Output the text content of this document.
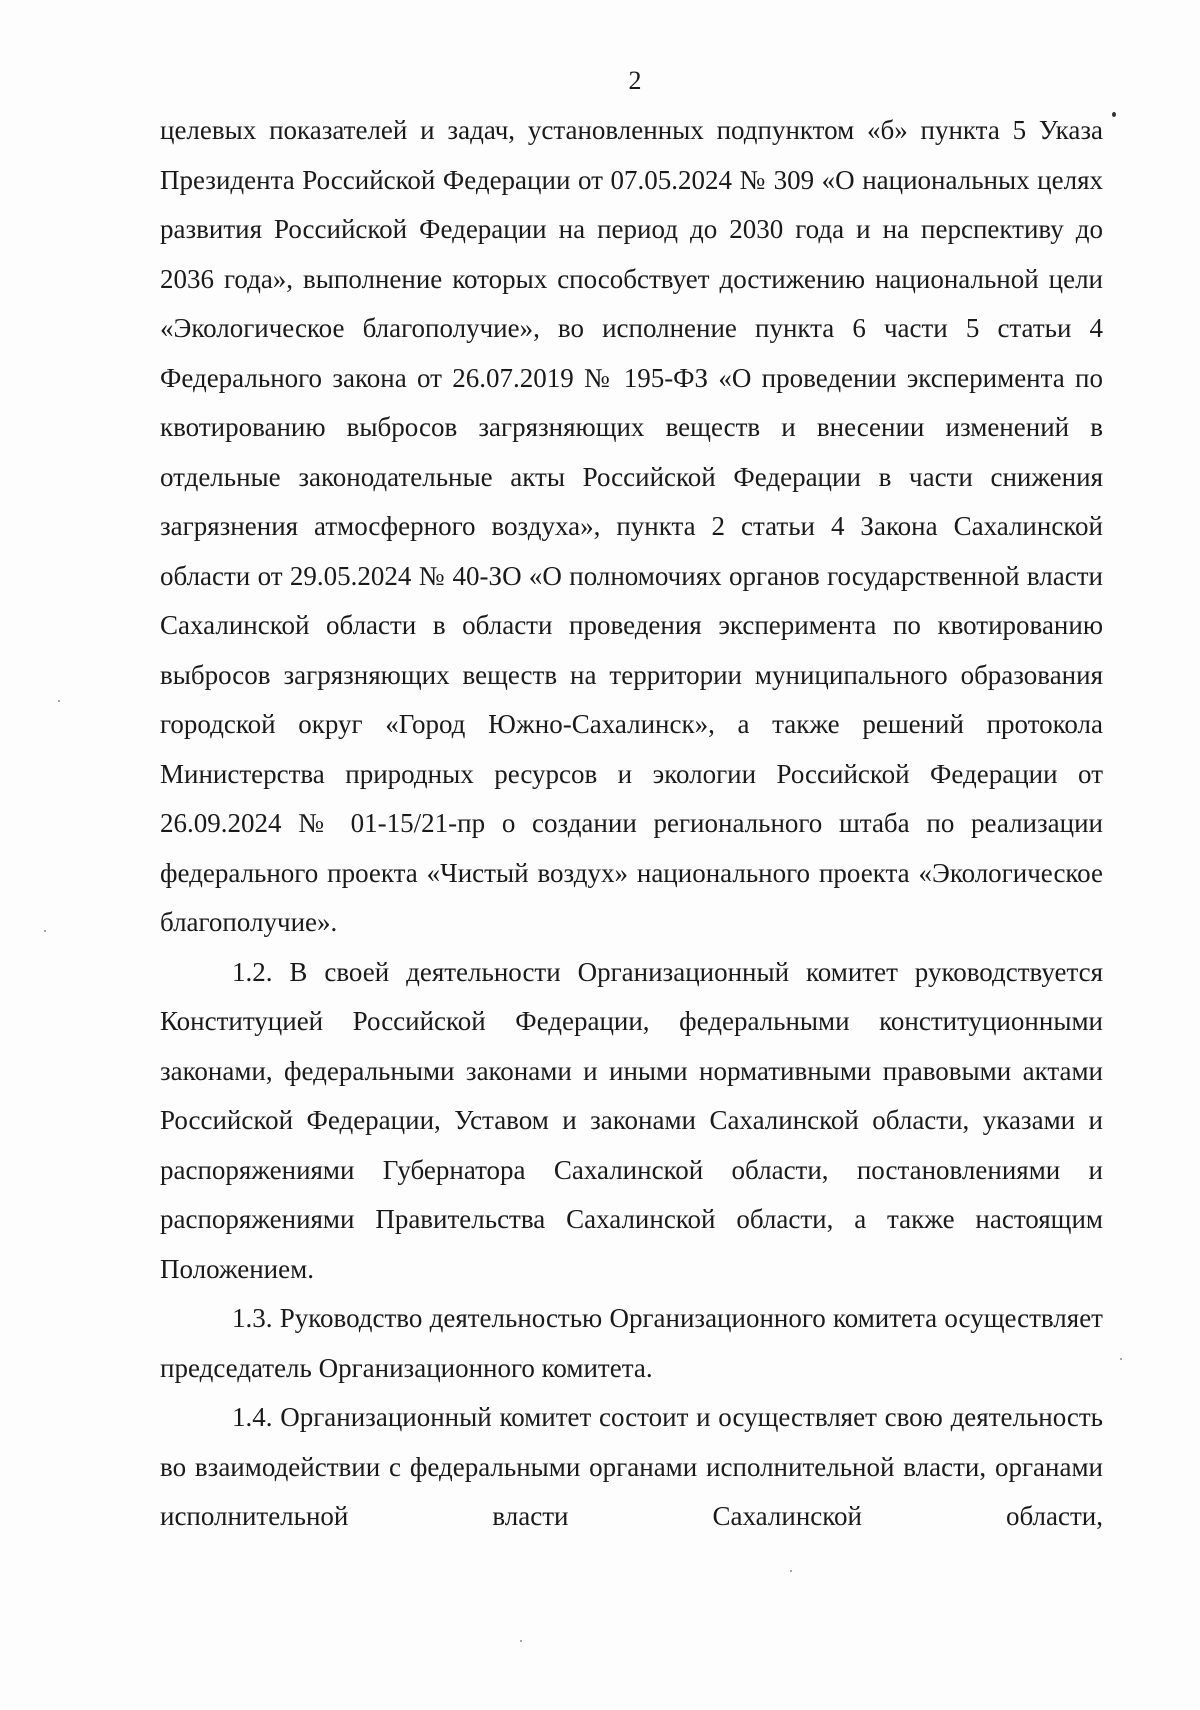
2

целевых показателей и задач, установленных подпунктом «б» пункта 5 Указа Президента Российской Федерации от 07.05.2024 № 309 «О национальных целях развития Российской Федерации на период до 2030 года и на перспективу до 2036 года», выполнение которых способствует достижению национальной цели «Экологическое благополучие», во исполнение пункта 6 части 5 статьи 4 Федерального закона от 26.07.2019 № 195-ФЗ «О проведении эксперимента по квотированию выбросов загрязняющих веществ и внесении изменений в отдельные законодательные акты Российской Федерации в части снижения загрязнения атмосферного воздуха», пункта 2 статьи 4 Закона Сахалинской области от 29.05.2024 № 40-ЗО «О полномочиях органов государственной власти Сахалинской области в области проведения эксперимента по квотированию выбросов загрязняющих веществ на территории муниципального образования городской округ «Город Южно-Сахалинск», а также решений протокола Министерства природных ресурсов и экологии Российской Федерации от 26.09.2024 № 01-15/21-пр о создании регионального штаба по реализации федерального проекта «Чистый воздух» национального проекта «Экологическое благополучие».

1.2. В своей деятельности Организационный комитет руководствуется Конституцией Российской Федерации, федеральными конституционными законами, федеральными законами и иными нормативными правовыми актами Российской Федерации, Уставом и законами Сахалинской области, указами и распоряжениями Губернатора Сахалинской области, постановлениями и распоряжениями Правительства Сахалинской области, а также настоящим Положением.

1.3. Руководство деятельностью Организационного комитета осуществляет председатель Организационного комитета.

1.4. Организационный комитет состоит и осуществляет свою деятельность во взаимодействии с федеральными органами исполнительной власти, органами исполнительной власти Сахалинской области,
